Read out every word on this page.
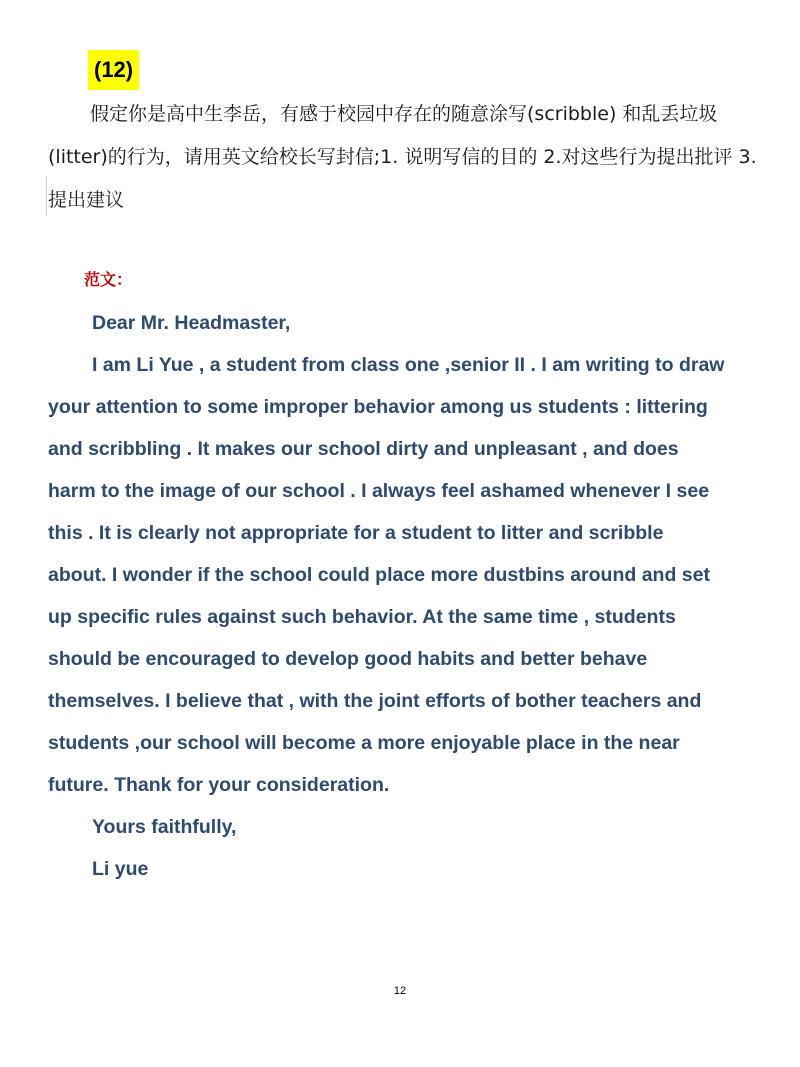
(12)

假定你是高中生李岳，有感于校园中存在的随意涂写(scribble) 和乱丢垃圾(litter)的行为，请用英文给校长写封信;1. 说明写信的目的 2.对这些行为提出批评 3.提出建议

范文：
Dear Mr. Headmaster,
I am Li Yue , a student from class one ,senior II . I am writing to draw
your attention to some improper behavior among us students : littering
and scribbling . It makes our school dirty and unpleasant , and does
harm to the image of our school . I always feel ashamed whenever I see
this . It is clearly not appropriate for a student to litter and scribble
about. I wonder if the school could place more dustbins around and set
up specific rules against such behavior. At the same time , students
should be encouraged to develop good habits and better behave
themselves. I believe that , with the joint efforts of bother teachers and
students ,our school will become a more enjoyable place in the near
future. Thank for your consideration.
Yours faithfully,
Li yue
12
